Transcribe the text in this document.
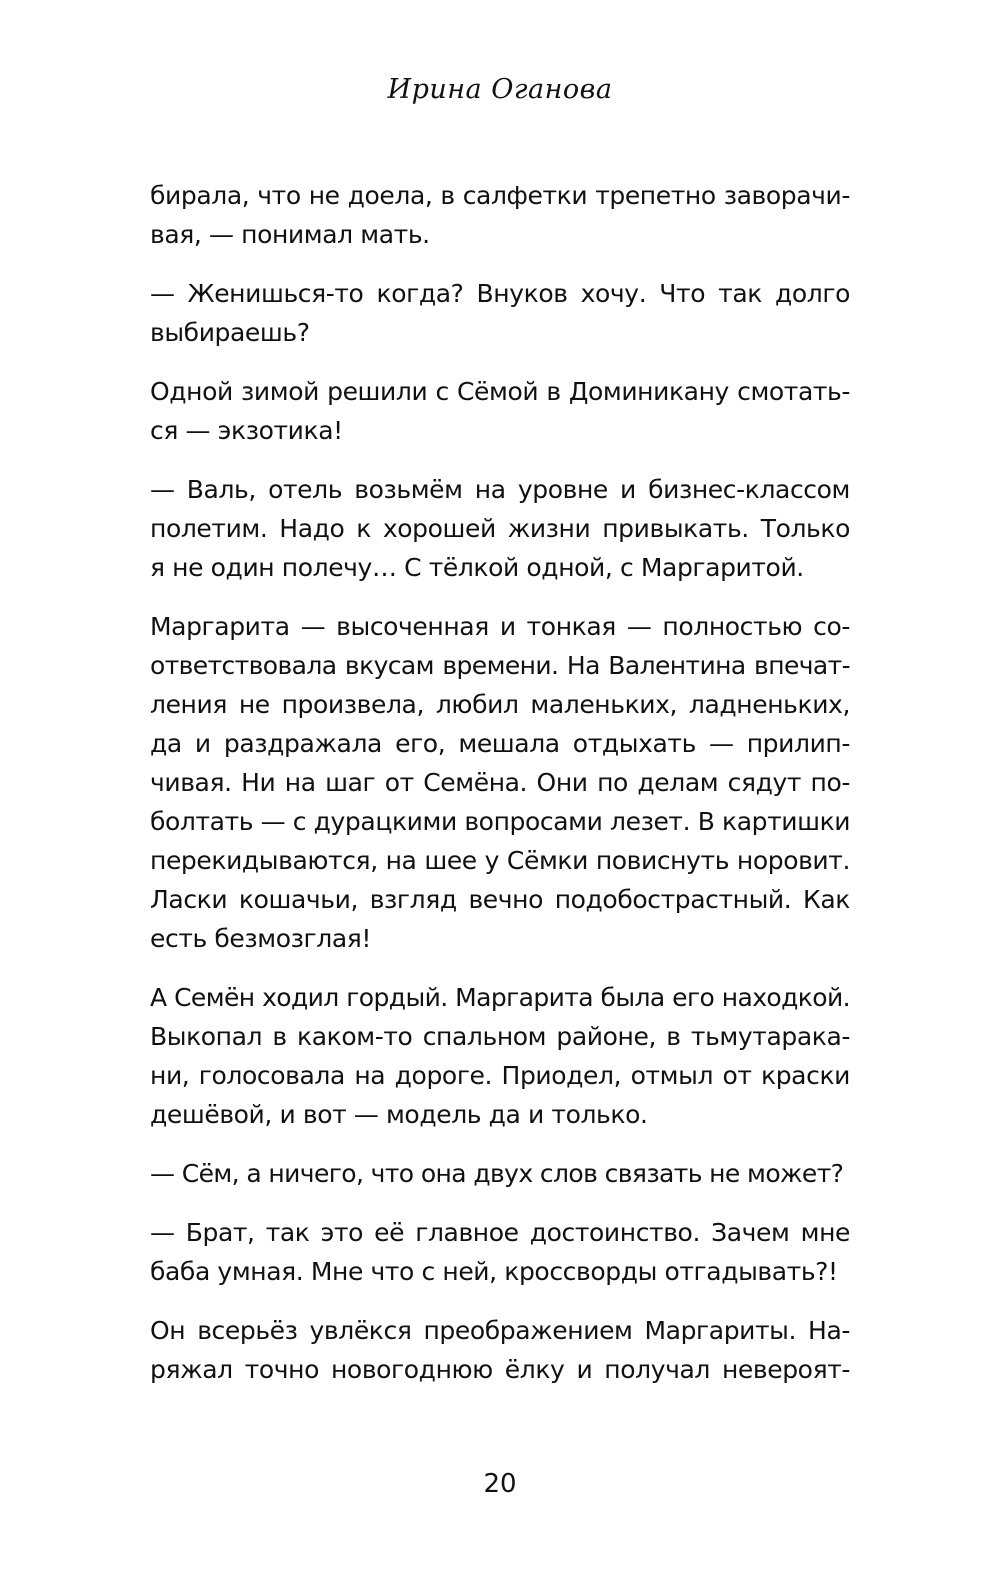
Ирина Оганова
бирала, что не доела, в салфетки трепетно заворачи-
вая, — понимал мать.
— Женишься-то когда? Внуков хочу. Что так долго
выбираешь?
Одной зимой решили с Сёмой в Доминикану смотать-
ся — экзотика!
— Валь, отель возьмём на уровне и бизнес-классом
полетим. Надо к хорошей жизни привыкать. Только
я не один полечу… С тёлкой одной, с Маргаритой.
Маргарита — высоченная и тонкая — полностью со-
ответствовала вкусам времени. На Валентина впечат-
ления не произвела, любил маленьких, ладненьких,
да и раздражала его, мешала отдыхать — прилип-
чивая. Ни на шаг от Семёна. Они по делам сядут по-
болтать — с дурацкими вопросами лезет. В картишки
перекидываются, на шее у Сёмки повиснуть норовит.
Ласки кошачьи, взгляд вечно подобострастный. Как
есть безмозглая!
А Семён ходил гордый. Маргарита была его находкой.
Выкопал в каком-то спальном районе, в тьмутарака-
ни, голосовала на дороге. Приодел, отмыл от краски
дешёвой, и вот — модель да и только.
— Сём, а ничего, что она двух слов связать не может?
— Брат, так это её главное достоинство. Зачем мне
баба умная. Мне что с ней, кроссворды отгадывать?!
Он всерьёз увлёкся преображением Маргариты. На-
ряжал точно новогоднюю ёлку и получал невероят-
20
